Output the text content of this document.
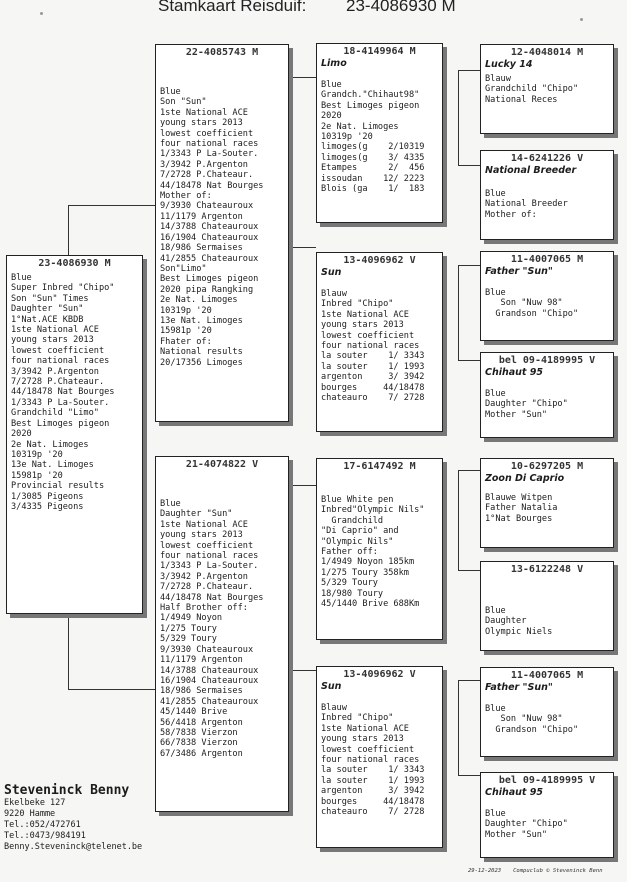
Stamkaart Reisduif: 23-4086930 M
23-4086930 M
Blue
Super Inbred "Chipo"
Son "Sun" Times
Daughter "Sun"
1°Nat.ACE KBDB
1ste National ACE
young stars 2013
lowest coefficient
four national races
3/3942 P.Argenton
7/2728 P.Chateaur.
44/18478 Nat Bourges
1/3343 P La-Souter.
Grandchild "Limo"
Best Limoges pigeon
2020
2e Nat. Limoges
10319p '20
13e Nat. Limoges
15981p '20
Provincial results
1/3085 Pigeons
3/4335 Pigeons
22-4085743 M
Blue
Son "Sun"
1ste National ACE
young stars 2013
lowest coefficient
four national races
1/3343 P La-Souter.
3/3942 P.Argenton
7/2728 P.Chateaur.
44/18478 Nat Bourges
Mother of:
9/3930 Chateauroux
11/1179 Argenton
14/3788 Chateauroux
16/1904 Chateauroux
18/986 Sermaises
41/2855 Chateauroux
Son"Limo"
Best Limoges pigeon
2020 pipa Rangking
2e Nat. Limoges
10319p '20
13e Nat. Limoges
15981p '20
Fhater of:
National results
20/17356 Limoges
21-4074822 V
Blue
Daughter "Sun"
1ste National ACE
young stars 2013
lowest coefficient
four national races
1/3343 P La-Souter.
3/3942 P.Argenton
7/2728 P.Chateaur.
44/18478 Nat Bourges
Half Brother off:
1/4949 Noyon
1/275 Toury
5/329 Toury
9/3930 Chateauroux
11/1179 Argenton
14/3788 Chateauroux
16/1904 Chateauroux
18/986 Sermaises
41/2855 Chateauroux
45/1440 Brive
56/4418 Argenton
58/7838 Vierzon
66/7838 Vierzon
67/3486 Argenton
18-4149964 M
Limo
Blue
Grandch."Chihaut98"
Best Limoges pigeon
2020
2e Nat. Limoges
10319p '20
limoges(g    2/10319
limoges(g    3/ 4335
Etampes      2/  456
issoudan    12/ 2223
Blois (ga    1/  183
13-4096962 V
Sun
Blauw
Inbred "Chipo"
1ste National ACE
young stars 2013
lowest coefficient
four national races
la souter    1/ 3343
la souter    1/ 1993
argenton     3/ 3942
bourges     44/18478
chateauro    7/ 2728
17-6147492 M
Blue White pen
Inbred"Olympic Nils"
Grandchild
"Di Caprio" and
"Olympic Nils"
Father off:
1/4949 Noyon 185km
1/275 Toury 358km
5/329 Toury
18/980 Toury
45/1440 Brive 688Km
13-4096962 V
Sun
Blauw
Inbred "Chipo"
1ste National ACE
young stars 2013
lowest coefficient
four national races
la souter    1/ 3343
la souter    1/ 1993
argenton     3/ 3942
bourges     44/18478
chateauro    7/ 2728
12-4048014 M
Lucky 14
Blauw
Grandchild "Chipo"
National Reces
14-6241226 V
National Breeder
Blue
National Breeder
Mother of:
11-4007065 M
Father "Sun"
Blue
Son "Nuw 98"
Grandson "Chipo"
bel 09-4189995 V
Chihaut 95
Blue
Daughter "Chipo"
Mother "Sun"
10-6297205 M
Zoon Di Caprio
Blauwe Witpen
Father Natalia
1°Nat Bourges
13-6122248 V
Blue
Daughter
Olympic Niels
11-4007065 M
Father "Sun"
Blue
Son "Nuw 98"
Grandson "Chipo"
bel 09-4189995 V
Chihaut 95
Blue
Daughter "Chipo"
Mother "Sun"
Steveninck Benny
Ekelbeke 127
9220 Hamme
Tel.:052/472761
Tel.:0473/984191
Benny.Steveninck@telenet.be
29-12-2023 Compuclub © Steveninck Benn
